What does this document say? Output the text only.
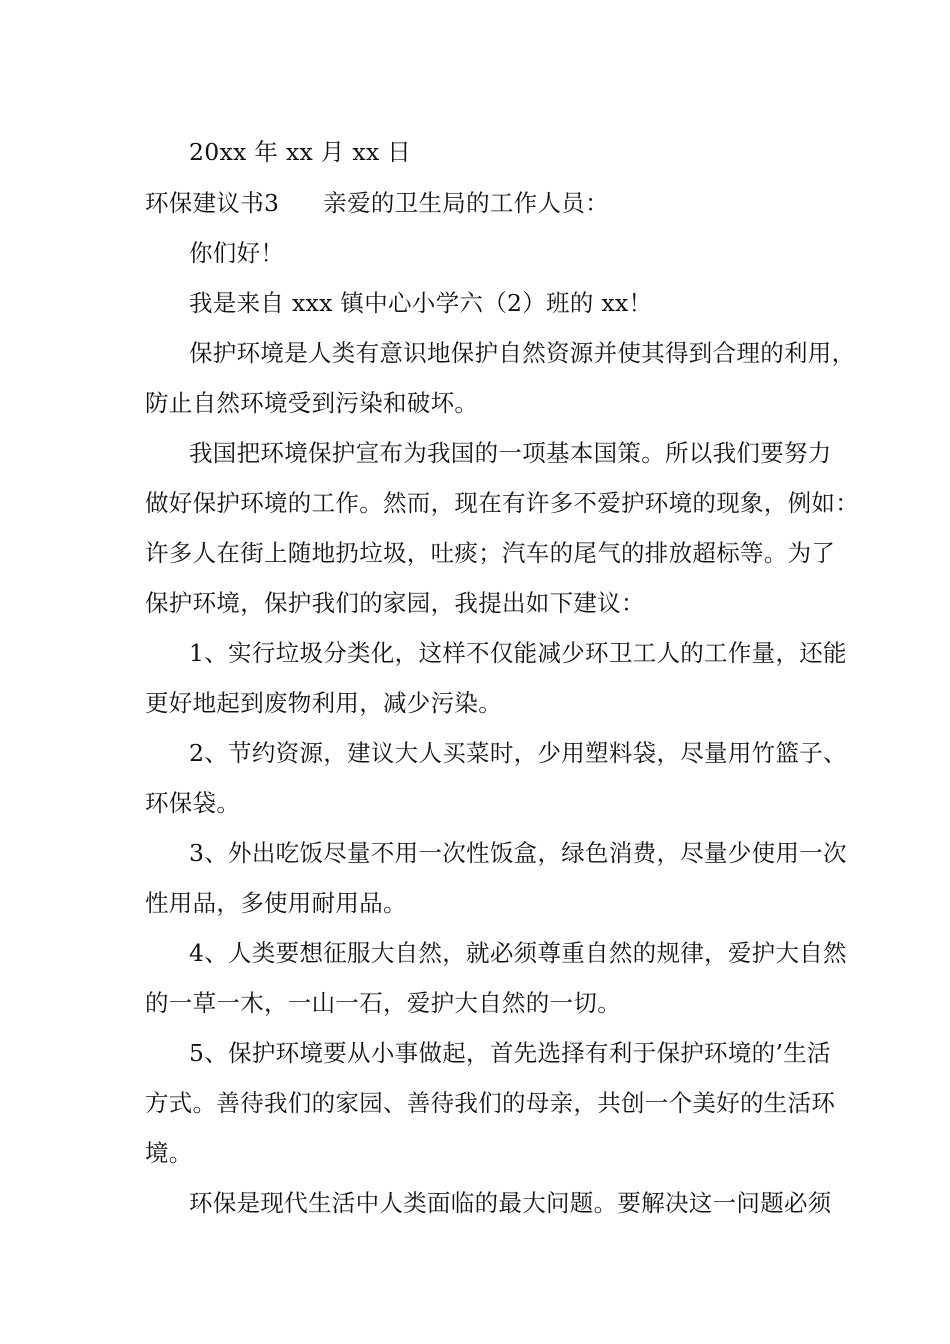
20xx 年 xx 月 xx 日
环保建议书3 亲爱的卫生局的工作人员：
你们好！
我是来自 xxx 镇中心小学六（2）班的 xx！
保护环境是人类有意识地保护自然资源并使其得到合理的利用，
防止自然环境受到污染和破坏。
我国把环境保护宣布为我国的一项基本国策。所以我们要努力
做好保护环境的工作。然而，现在有许多不爱护环境的现象，例如：
许多人在街上随地扔垃圾，吐痰；汽车的尾气的排放超标等。为了
保护环境，保护我们的家园，我提出如下建议：
1、实行垃圾分类化，这样不仅能减少环卫工人的工作量，还能
更好地起到废物利用，减少污染。
2、节约资源，建议大人买菜时，少用塑料袋，尽量用竹篮子、
环保袋。
3、外出吃饭尽量不用一次性饭盒，绿色消费，尽量少使用一次
性用品，多使用耐用品。
4、人类要想征服大自然，就必须尊重自然的规律，爱护大自然
的一草一木，一山一石，爱护大自然的一切。
5、保护环境要从小事做起，首先选择有利于保护环境的’生活
方式。善待我们的家园、善待我们的母亲，共创一个美好的生活环
境。
环保是现代生活中人类面临的最大问题。要解决这一问题必须
